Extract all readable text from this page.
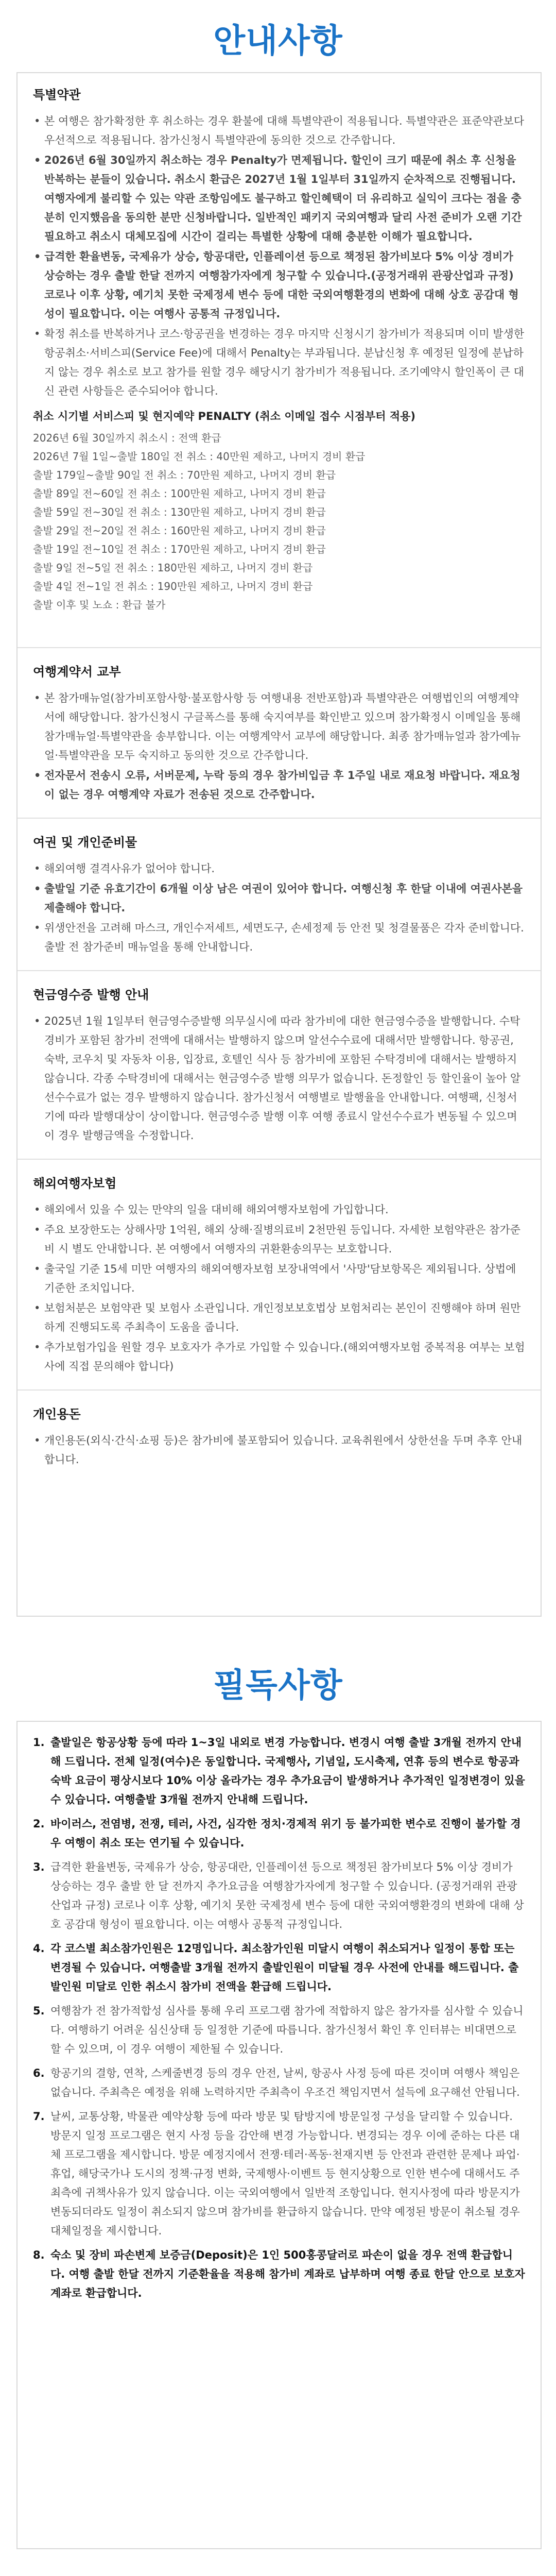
안내사항
특별약관
• 본 여행은 참가확정한 후 취소하는 경우 환불에 대해 특별약관이 적용됩니다. 특별약관은 표준약관보다 우선적으로 적용됩니다. 참가신청시 특별약관에 동의한 것으로 간주합니다.
• 2026년 6월 30일까지 취소하는 경우 Penalty가 면제됩니다. 할인이 크기 때문에 취소 후 신청을 반복하는 분들이 있습니다. 취소시 환급은 2027년 1월 1일부터 31일까지 순차적으로 진행됩니다. 여행자에게 불리할 수 있는 약관 조항임에도 불구하고 할인혜택이 더 유리하고 실익이 크다는 점을 충분히 인지했음을 동의한 분만 신청바랍니다. 일반적인 패키지 국외여행과 달리 사전 준비가 오랜 기간 필요하고 취소시 대체모집에 시간이 걸리는 특별한 상황에 대해 충분한 이해가 필요합니다.
• 급격한 환율변동, 국제유가 상승, 항공대란, 인플레이션 등으로 책정된 참가비보다 5% 이상 경비가 상승하는 경우 출발 한달 전까지 여행참가자에게 청구할 수 있습니다.(공정거래위 관광산업과 규정) 코로나 이후 상황, 예기치 못한 국제정세 변수 등에 대한 국외여행환경의 변화에 대해 상호 공감대 형성이 필요합니다. 이는 여행사 공통적 규정입니다.
• 확정 취소를 반복하거나 코스·항공권을 변경하는 경우 마지막 신청시기 참가비가 적용되며 이미 발생한 항공취소·서비스피(Service Fee)에 대해서 Penalty는 부과됩니다. 분납신청 후 예정된 일정에 분납하지 않는 경우 취소로 보고 참가를 원할 경우 해당시기 참가비가 적용됩니다. 조기예약시 할인폭이 큰 대신 관련 사항들은 준수되어야 합니다.
취소 시기별 서비스피 및 현지예약 PENALTY (취소 이메일 접수 시점부터 적용)
2026년 6월 30일까지 취소시 : 전액 환급
2026년 7월 1일~출발 180일 전 취소 : 40만원 제하고, 나머지 경비 환급
출발 179일~출발 90일 전 취소 : 70만원 제하고, 나머지 경비 환급
출발 89일 전~60일 전 취소 : 100만원 제하고, 나머지 경비 환급
출발 59일 전~30일 전 취소 : 130만원 제하고, 나머지 경비 환급
출발 29일 전~20일 전 취소 : 160만원 제하고, 나머지 경비 환급
출발 19일 전~10일 전 취소 : 170만원 제하고, 나머지 경비 환급
출발 9일 전~5일 전 취소 : 180만원 제하고, 나머지 경비 환급
출발 4일 전~1일 전 취소 : 190만원 제하고, 나머지 경비 환급
출발 이후 및 노쇼 : 환급 불가
여행계약서 교부
• 본 참가매뉴얼(참가비포함사항·불포함사항 등 여행내용 전반포함)과 특별약관은 여행법인의 여행계약서에 해당합니다. 참가신청시 구글폭스를 통해 숙지여부를 확인받고 있으며 참가확정시 이메일을 통해 참가매뉴얼·특별약관을 송부합니다. 이는 여행계약서 교부에 해당합니다. 최종 참가매뉴얼과 참가예뉴얼·특별약관을 모두 숙지하고 동의한 것으로 간주합니다.
• 전자문서 전송시 오류, 서버문제, 누락 등의 경우 참가비입금 후 1주일 내로 재요청 바랍니다. 재요청이 없는 경우 여행계약 자료가 전송된 것으로 간주합니다.
여권 및 개인준비물
• 해외여행 결격사유가 없어야 합니다.
• 출발일 기준 유효기간이 6개월 이상 남은 여권이 있어야 합니다. 여행신청 후 한달 이내에 여권사본을 제출해야 합니다.
• 위생안전을 고려해 마스크, 개인수저세트, 세면도구, 손세정제 등 안전 및 청결물품은 각자 준비합니다. 출발 전 참가준비 매뉴얼을 통해 안내합니다.
현금영수증 발행 안내
• 2025년 1월 1일부터 현금영수증발행 의무실시에 따라 참가비에 대한 현금영수증을 발행합니다. 수탁경비가 포함된 참가비 전액에 대해서는 발행하지 않으며 알선수수료에 대해서만 발행합니다. 항공권, 숙박, 코우치 및 자동차 이용, 입장료, 호텔인 식사 등 참가비에 포함된 수탁경비에 대해서는 발행하지 않습니다. 각종 수탁경비에 대해서는 현금영수증 발행 의무가 없습니다. 돈정할인 등 할인율이 높아 알선수수료가 없는 경우 발행하지 않습니다. 참가신청서 여행별로 발행율을 안내합니다. 여행팩, 신청서기에 따라 발행대상이 상이합니다. 현금영수증 발행 이후 여행 종료시 알선수수료가 변동될 수 있으며 이 경우 발행금액을 수정합니다.
해외여행자보험
• 해외에서 있을 수 있는 만약의 일을 대비해 해외여행자보험에 가입합니다.
• 주요 보장한도는 상해사망 1억원, 해외 상해·질병의료비 2천만원 등입니다. 자세한 보험약관은 참가준비 시 별도 안내합니다. 본 여행에서 여행자의 귀환환송의무는 보호합니다.
• 출국일 기준 15세 미만 여행자의 해외여행자보험 보장내역에서 '사망'담보항목은 제외됩니다. 상법에 기준한 조치입니다.
• 보험처분은 보험약관 및 보험사 소관입니다. 개인정보보호법상 보험처리는 본인이 진행해야 하며 원만하게 진행되도록 주최측이 도움을 줍니다.
• 추가보험가입을 원할 경우 보호자가 추가로 가입할 수 있습니다.(해외여행자보험 중복적용 여부는 보험사에 직접 문의해야 합니다)
개인용돈
• 개인용돈(외식·간식·쇼핑 등)은 참가비에 불포함되어 있습니다. 교육취원에서 상한선을 두며 추후 안내합니다.
필독사항
1. 출발일은 항공상황 등에 따라 1~3일 내외로 변경 가능합니다. 변경시 여행 출발 3개월 전까지 안내해 드립니다. 전체 일정(여수)은 동일합니다. 국제행사, 기념일, 도시축제, 연휴 등의 변수로 항공과 숙박 요금이 평상시보다 10% 이상 올라가는 경우 추가요금이 발생하거나 추가적인 일정변경이 있을 수 있습니다. 여행출발 3개월 전까지 안내해 드립니다.
2. 바이러스, 전염병, 전쟁, 테러, 사건, 심각한 정치·경제적 위기 등 불가피한 변수로 진행이 불가할 경우 여행이 취소 또는 연기될 수 있습니다.
3. 급격한 환율변동, 국제유가 상승, 항공대란, 인플레이션 등으로 책정된 참가비보다 5% 이상 경비가 상승하는 경우 출발 한 달 전까지 추가요금을 여행참가자에게 청구할 수 있습니다. (공정거래위 관광산업과 규정) 코로나 이후 상황, 예기치 못한 국제정세 변수 등에 대한 국외여행환경의 변화에 대해 상호 공감대 형성이 필요합니다. 이는 여행사 공통적 규정입니다.
4. 각 코스별 최소참가인원은 12명입니다. 최소참가인원 미달시 여행이 취소되거나 일정이 통합 또는 변경될 수 있습니다. 여행출발 3개월 전까지 출발인원이 미달될 경우 사전에 안내를 해드립니다. 출발인원 미달로 인한 취소시 참가비 전액을 환급해 드립니다.
5. 여행참가 전 참가적합성 심사를 통해 우리 프로그램 참가에 적합하지 않은 참가자를 심사할 수 있습니다. 여행하기 어려운 심신상태 등 일정한 기준에 따릅니다. 참가신청서 확인 후 인터뷰는 비대면으로 할 수 있으며, 이 경우 여행이 제한될 수 있습니다.
6. 항공기의 결항, 연착, 스케줄변경 등의 경우 안전, 날씨, 항공사 사정 등에 따른 것이며 여행사 책임은 없습니다. 주최측은 예정을 위해 노력하지만 주최측이 우조건 책임지면서 설득에 요구해선 안됩니다.
7. 날씨, 교통상황, 박물관 예약상황 등에 따라 방문 및 탐방지에 방문일정 구성을 달리할 수 있습니다. 방문지 일정 프로그램은 현지 사정 등을 감안해 변경 가능합니다. 변경되는 경우 이에 준하는 다른 대체 프로그램을 제시합니다. 방문 예정지에서 전쟁·테러·폭동·천재지변 등 안전과 관련한 문제나 파업·휴업, 해당국가나 도시의 정책·규정 변화, 국제행사·이벤트 등 현지상황으로 인한 변수에 대해서도 주최측에 귀책사유가 있지 않습니다. 이는 국외여행에서 일반적 조항입니다. 현지사정에 따라 방문지가 변동되더라도 일정이 취소되지 않으며 참가비를 환급하지 않습니다. 만약 예정된 방문이 취소될 경우 대체일정을 제시합니다.
8. 숙소 및 장비 파손변제 보증금(Deposit)은 1인 500홍콩달러로 파손이 없을 경우 전액 환급합니다. 여행 출발 한달 전까지 기준환율을 적용해 참가비 계좌로 납부하며 여행 종료 한달 안으로 보호자 계좌로 환급합니다.
